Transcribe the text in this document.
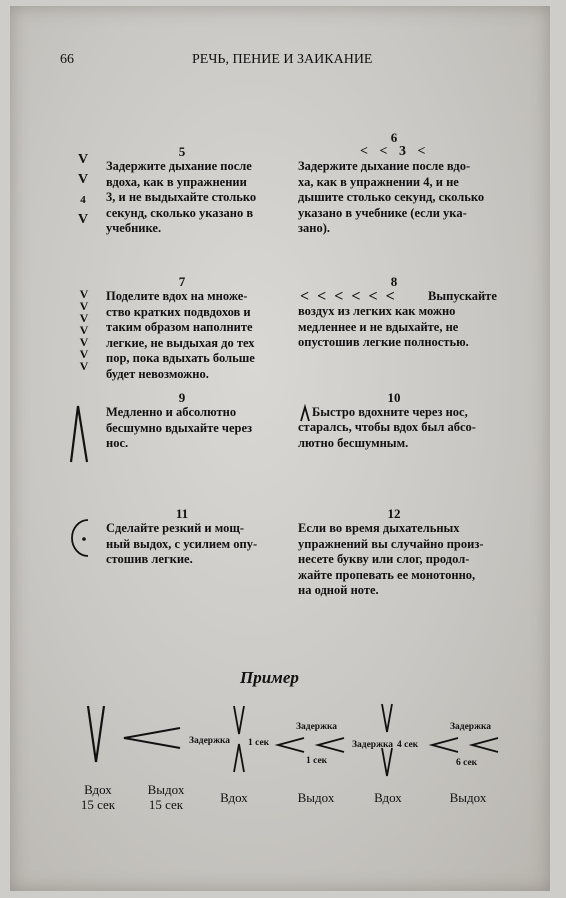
66	РЕЧЬ, ПЕНИЕ И ЗАИКАНИЕ
V
V
4
V
5
Задержите дыхание после
вдоха, как в упражнении
3, и не выдыхайте столько
секунд, сколько указано в
учебнике.
6
< < 3 <
Задержите дыхание после вдо-
ха, как в упражнении 4, и не
дышите столько секунд, сколько
указано в учебнике (если ука-
зано).
V
V
V
V
V
V
V
7
Поделите вдох на множе-
ство кратких подвдохов и
таким образом наполните
легкие, не выдыхая до тех
пор, пока вдыхать больше
будет невозможно.
8
< < < < < <	Выпускайте
воздух из легких как можно
медленнее и не вдыхайте, не
опустошив легкие полностью.
9
Медленно и абсолютно
бесшумно вдыхайте через
нос.
10
Быстро вдохните через нос,
старалсь, чтобы вдох был абсо-
лютно бесшумным.
11
Сделайте резкий и мощ-
ный выдох, с усилием опу-
стошив легкие.
12
Если во время дыхательных
упражнений вы случайно произ-
несете букву или слог, продол-
жайте пропевать ее монотонно,
на одной ноте.
Пример
Задержка 1 сек
Задержка
1 сек
Задержка 4 сек
Задержка
6 сек
Вдох
15 сек
Выдох
15 сек	Вдох	Выдох	Вдох	Выдох
